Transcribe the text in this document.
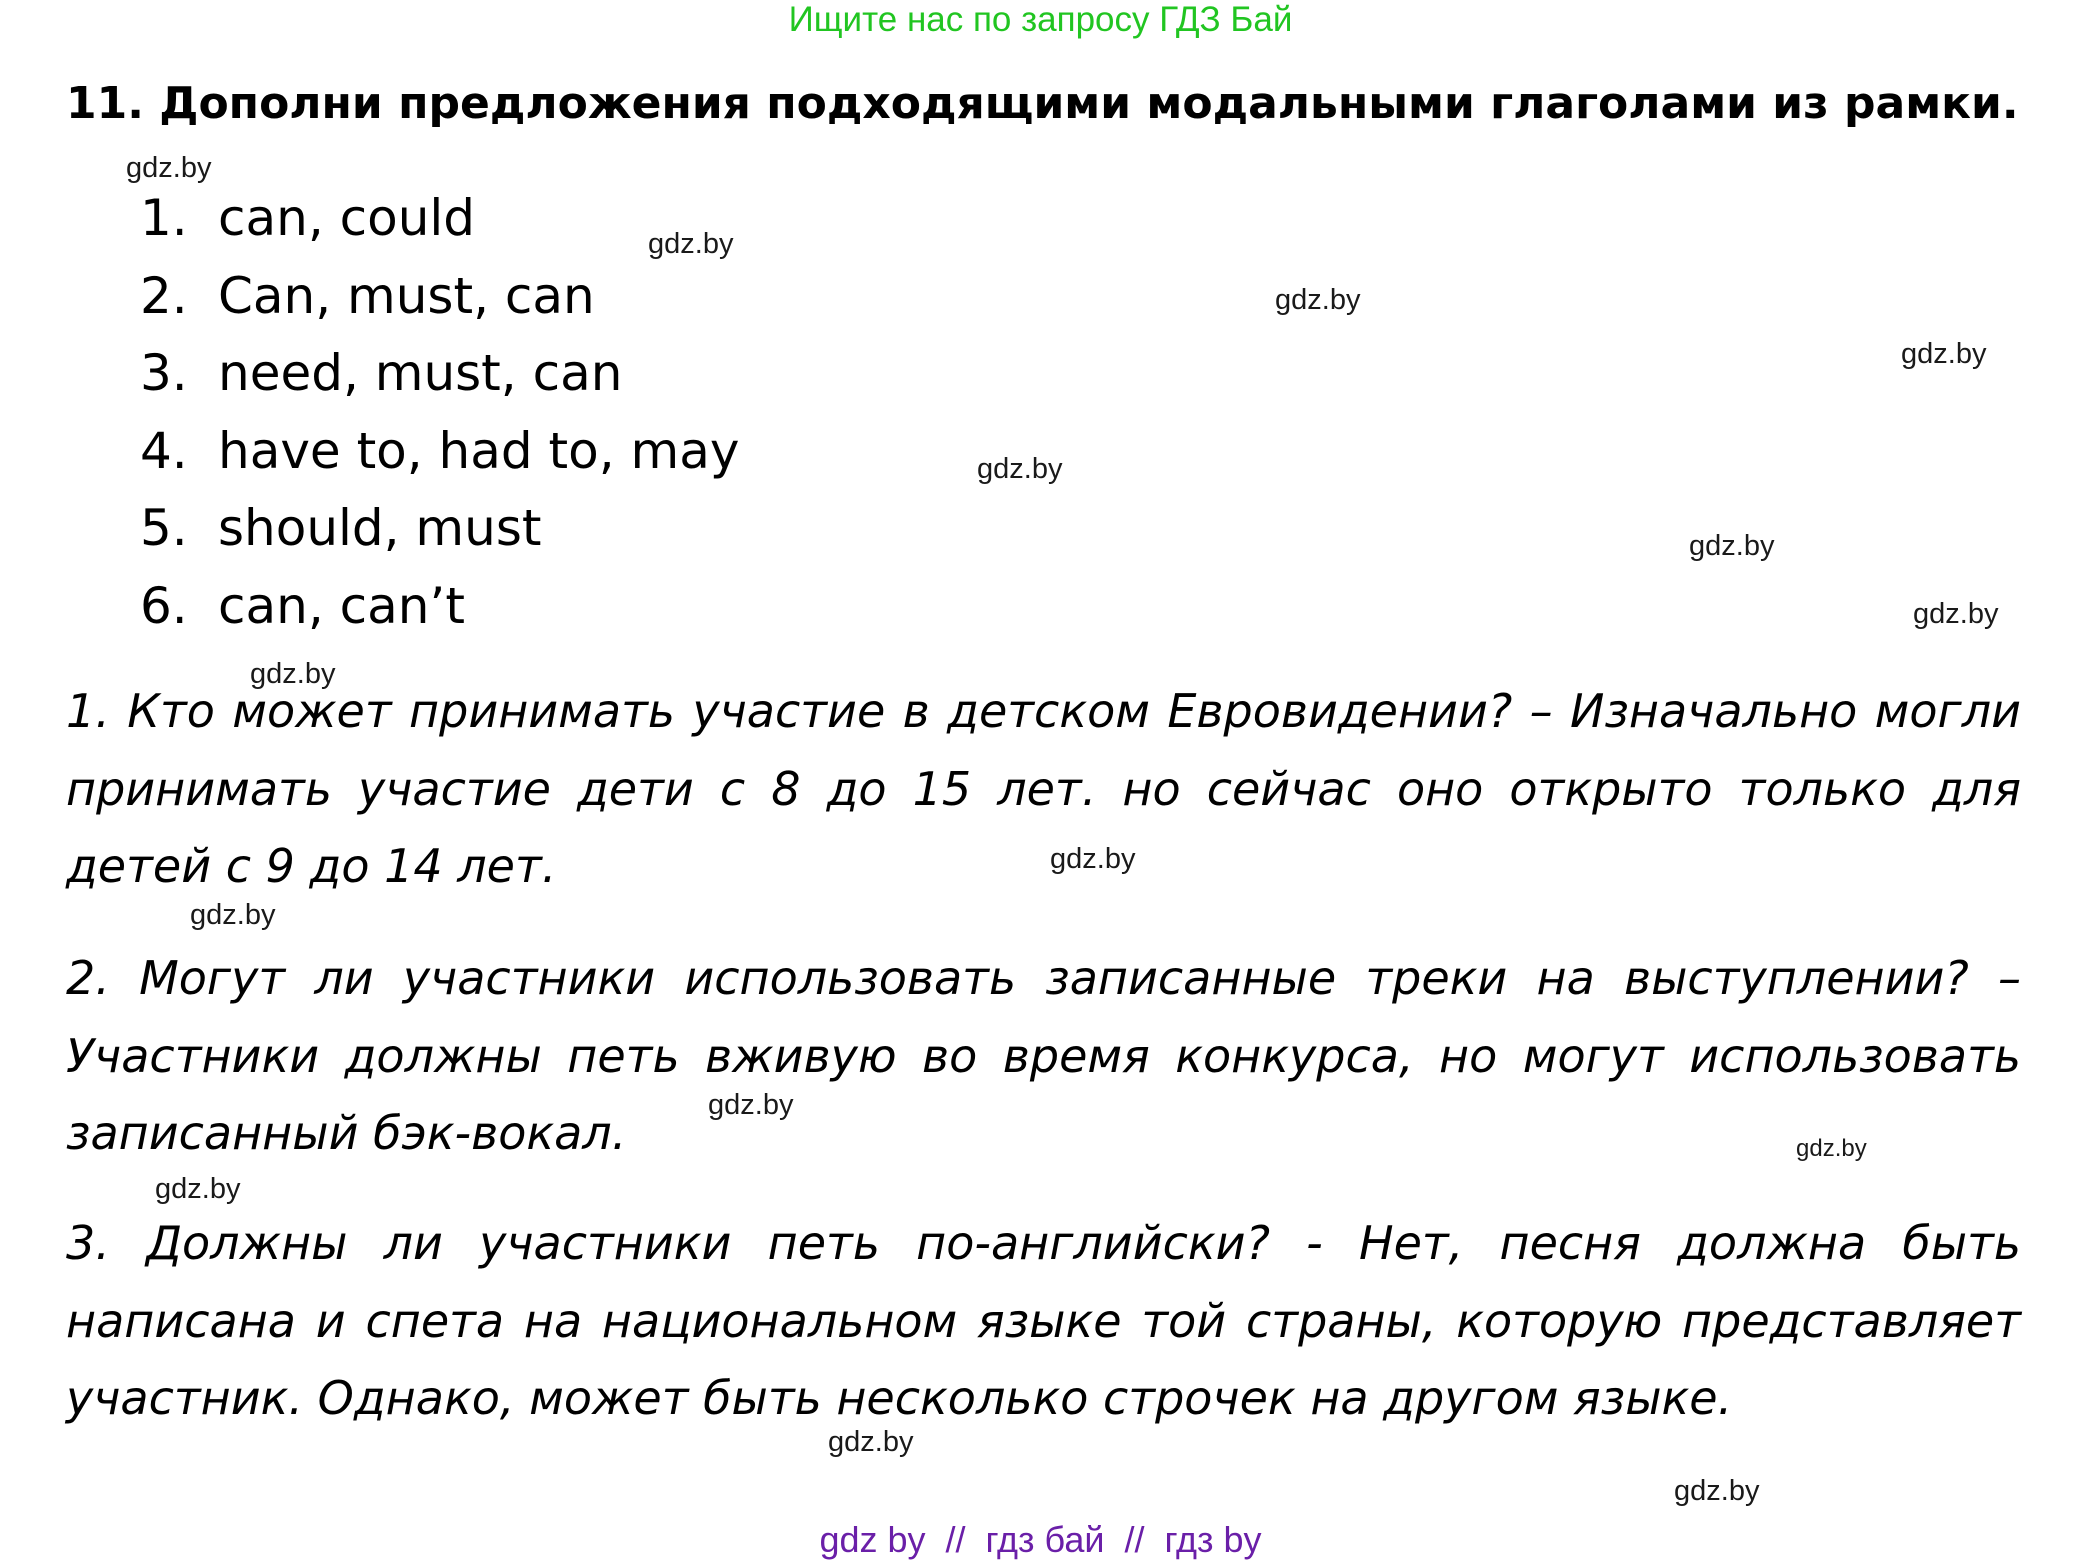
Ищите нас по запросу ГДЗ Бай
11. Дополни предложения подходящими модальными глаголами из рамки.
1. can, could
2. Can, must, can
3. need, must, can
4. have to, had to, may
5. should, must
6. can, can’t

1. Кто может принимать участие в детском Евровидении? – Изначально могли принимать участие дети с 8 до 15 лет. но сейчас оно открыто только для детей с 9 до 14 лет.

2. Могут ли участники использовать записанные треки на выступлении? – Участники должны петь вживую во время конкурса, но могут использовать записанный бэк-вокал.

3. Должны ли участники петь по-английски? - Нет, песня должна быть написана и спета на национальном языке той страны, которую представляет участник. Однако, может быть несколько строчек на другом языке.

gdz.by
gdz.by
gdz.by
gdz.by
gdz.by
gdz.by
gdz.by
gdz.by
gdz.by
gdz.by
gdz.by
gdz.by
gdz.by
gdz.by
gdz.by
gdz by  //  гдз бай  //  гдз by
